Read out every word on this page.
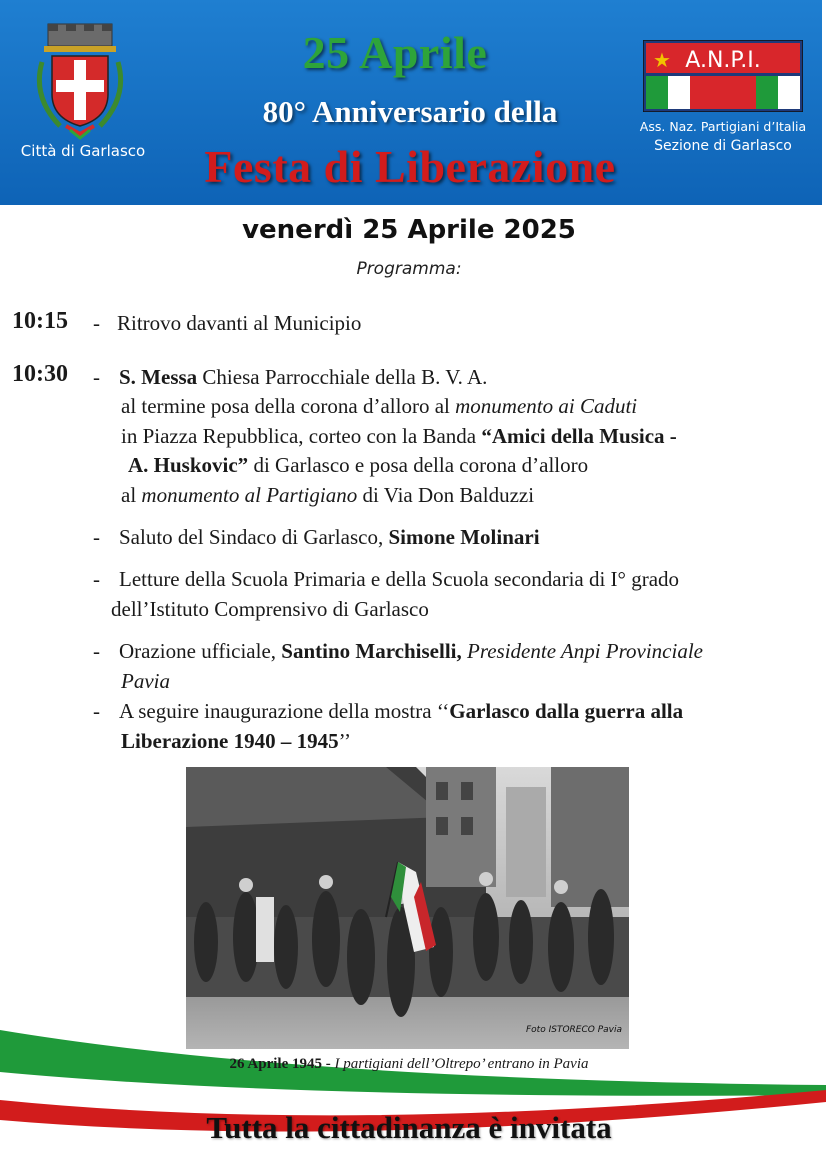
Città di Garlasco
25 Aprile
80° Anniversario della
Festa di Liberazione
A.N.P.I.
★
Ass. Naz. Partigiani d’Italia
Sezione di Garlasco
venerdì 25 Aprile 2025
Programma:
10:15 - Ritrovo davanti al Municipio
10:30 - S. Messa Chiesa Parrocchiale della B. V. A.
al termine posa della corona d’alloro al monumento ai Caduti
in Piazza Repubblica, corteo con la Banda “Amici della Musica -
A. Huskovic” di Garlasco e posa della corona d’alloro
al monumento al Partigiano di Via Don Balduzzi
- Saluto del Sindaco di Garlasco, Simone Molinari
- Letture della Scuola Primaria e della Scuola secondaria di I° grado
dell’Istituto Comprensivo di Garlasco
- Orazione ufficiale, Santino Marchiselli, Presidente Anpi Provinciale
Pavia
- A seguire inaugurazione della mostra ‘‘Garlasco dalla guerra alla
Liberazione 1940 – 1945’’
Foto ISTORECO Pavia
26 Aprile 1945 - I partigiani dell’Oltrepo’ entrano in Pavia
Tutta la cittadinanza è invitata
